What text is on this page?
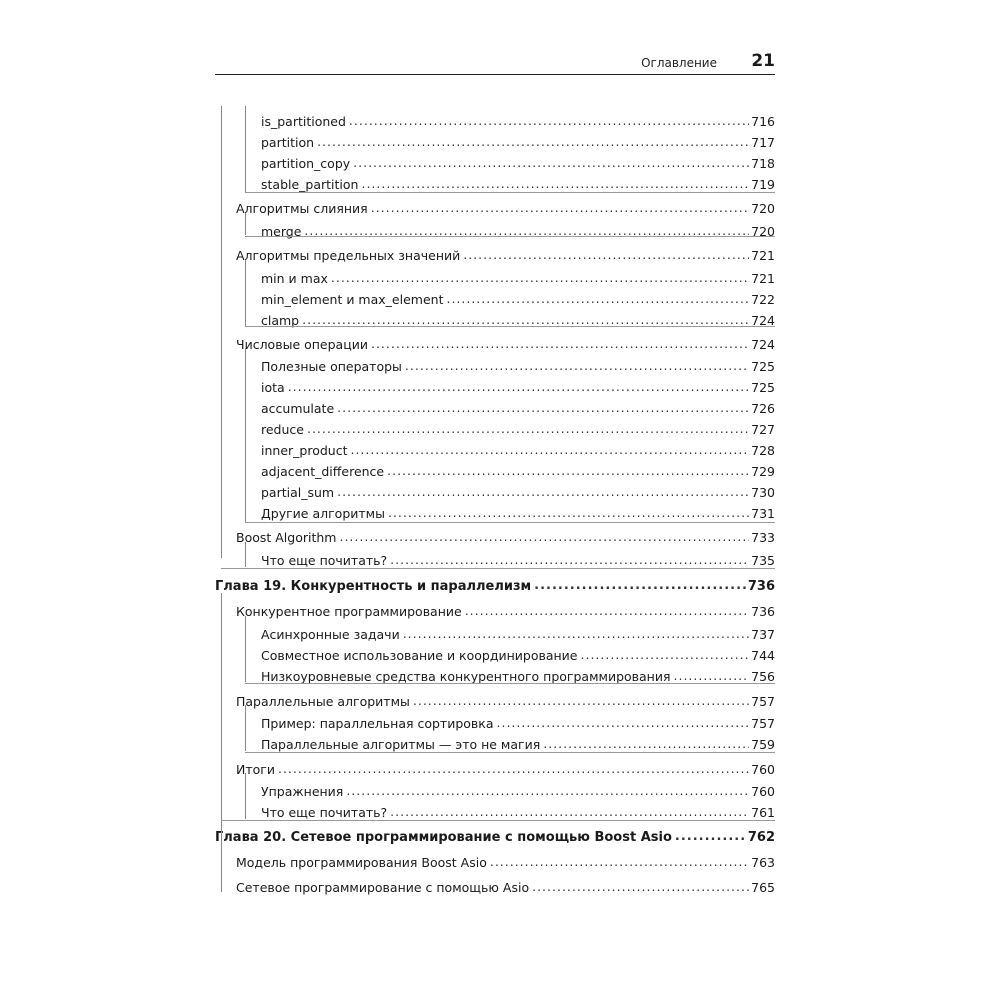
Оглавление 21
is_partitioned .....	716
partition .....	717
partition_copy .....	718
stable_partition .....	719
Алгоритмы слияния .....	720
merge .....	720
Алгоритмы предельных значений .....	721
min и max .....	721
min_element и max_element .....	722
clamp .....	724
Числовые операции .....	724
Полезные операторы .....	725
iota .....	725
accumulate .....	726
reduce .....	727
inner_product .....	728
adjacent_difference .....	729
partial_sum .....	730
Другие алгоритмы .....	731
Boost Algorithm .....	733
Что еще почитать? .....	735
Глава 19. Конкурентность и параллелизм .....	736
Конкурентное программирование .....	736
Асинхронные задачи .....	737
Совместное использование и координирование .....	744
Низкоуровневые средства конкурентного программирования .....	756
Параллельные алгоритмы .....	757
Пример: параллельная сортировка .....	757
Параллельные алгоритмы — это не магия .....	759
Итоги .....	760
Упражнения .....	760
Что еще почитать? .....	761
Глава 20. Сетевое программирование с помощью Boost Asio .....	762
Модель программирования Boost Asio .....	763
Сетевое программирование с помощью Asio .....	765
